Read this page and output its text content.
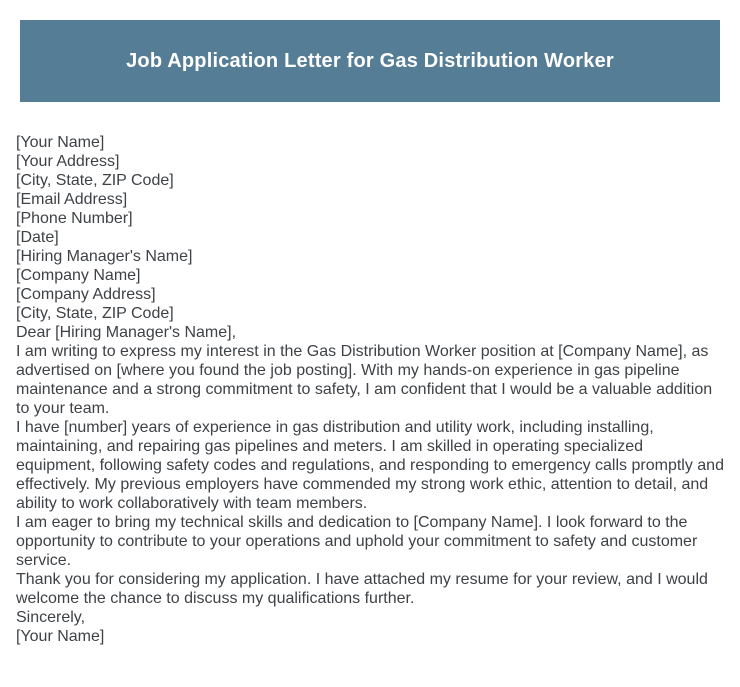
Job Application Letter for Gas Distribution Worker

[Your Name]

[Your Address]

[City, State, ZIP Code]

[Email Address]

[Phone Number]

[Date]

[Hiring Manager's Name]

[Company Name]

[Company Address]

[City, State, ZIP Code]

Dear [Hiring Manager's Name],

I am writing to express my interest in the Gas Distribution Worker position at [Company Name], as advertised on [where you found the job posting]. With my hands-on experience in gas pipeline maintenance and a strong commitment to safety, I am confident that I would be a valuable addition to your team.

I have [number] years of experience in gas distribution and utility work, including installing, maintaining, and repairing gas pipelines and meters. I am skilled in operating specialized equipment, following safety codes and regulations, and responding to emergency calls promptly and effectively. My previous employers have commended my strong work ethic, attention to detail, and ability to work collaboratively with team members.

I am eager to bring my technical skills and dedication to [Company Name]. I look forward to the opportunity to contribute to your operations and uphold your commitment to safety and customer service.

Thank you for considering my application. I have attached my resume for your review, and I would welcome the chance to discuss my qualifications further.

Sincerely,

[Your Name]
